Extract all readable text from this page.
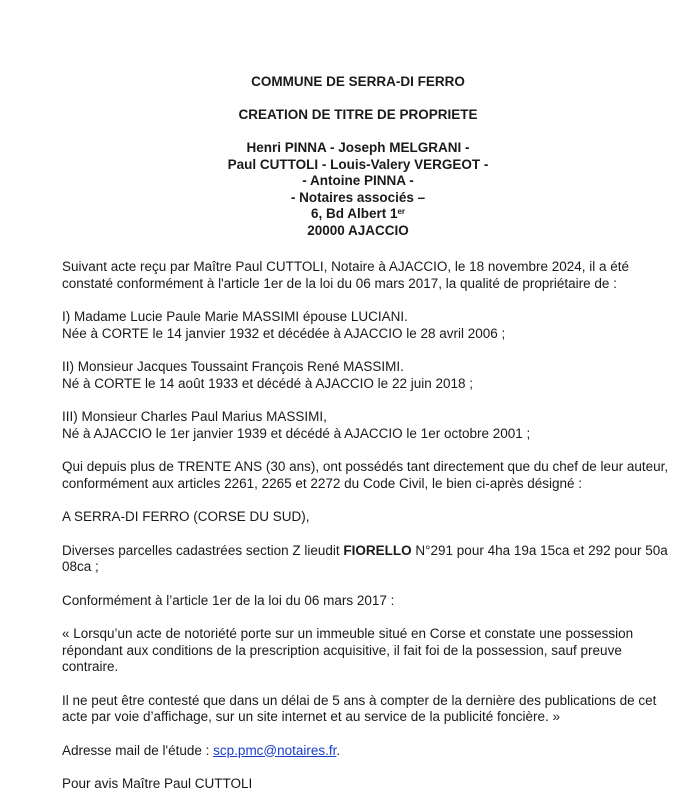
COMMUNE DE SERRA-DI FERRO
CREATION DE TITRE DE PROPRIETE
Henri PINNA - Joseph MELGRANI -
Paul CUTTOLI - Louis-Valery VERGEOT -
- Antoine PINNA -
- Notaires associés –
6, Bd Albert 1er
20000 AJACCIO
Suivant acte reçu par Maître Paul CUTTOLI, Notaire à AJACCIO, le 18 novembre 2024, il a été
constaté conformément à l'article 1er de la loi du 06 mars 2017, la qualité de propriétaire de :
I) Madame Lucie Paule Marie MASSIMI épouse LUCIANI.
Née à CORTE le 14 janvier 1932 et décédée à AJACCIO le 28 avril 2006 ;
II) Monsieur Jacques Toussaint François René MASSIMI.
Né à CORTE le 14 août 1933 et décédé à AJACCIO le 22 juin 2018 ;
III) Monsieur Charles Paul Marius MASSIMI,
Né à AJACCIO le 1er janvier 1939 et décédé à AJACCIO le 1er octobre 2001 ;
Qui depuis plus de TRENTE ANS (30 ans), ont possédés tant directement que du chef de leur auteur,
conformément aux articles 2261, 2265 et 2272 du Code Civil, le bien ci-après désigné :
A SERRA-DI FERRO (CORSE DU SUD),
Diverses parcelles cadastrées section Z lieudit FIORELLO N°291 pour 4ha 19a 15ca et 292 pour 50a
08ca ;
Conformément à l’article 1er de la loi du 06 mars 2017 :
« Lorsqu’un acte de notoriété porte sur un immeuble situé en Corse et constate une possession
répondant aux conditions de la prescription acquisitive, il fait foi de la possession, sauf preuve
contraire.
Il ne peut être contesté que dans un délai de 5 ans à compter de la dernière des publications de cet
acte par voie d’affichage, sur un site internet et au service de la publicité foncière. »
Adresse mail de l'étude : scp.pmc@notaires.fr.
Pour avis Maître Paul CUTTOLI
